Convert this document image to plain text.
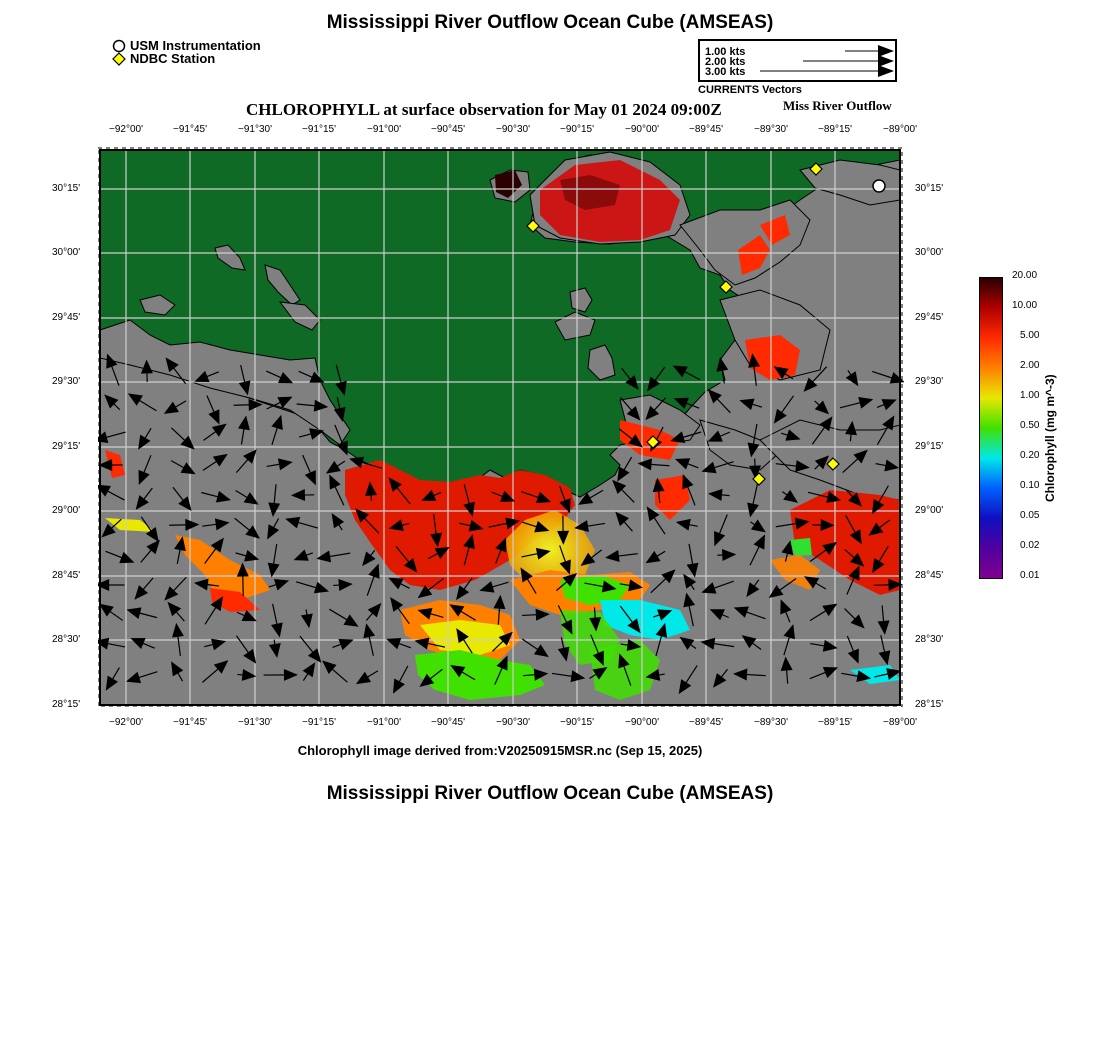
Mississippi River Outflow Ocean Cube (AMSEAS)
USM Instrumentation
NDBC Station	1.00 kts
2.00 kts
3.00 kts
CURRENTS Vectors
CHLOROPHYLL at surface observation for May 01 2024 09:00Z	Miss River Outflow
−92°00'	−91°45'	−91°30'	−91°15'	−91°00'	−90°45'	−90°30'	−90°15'	−90°00'	−89°45'	−89°30'	−89°15'	−89°00'
−92°00'	−91°45'	−91°30'	−91°15'	−91°00'	−90°45'	−90°30'	−90°15'	−90°00'	−89°45'	−89°30'	−89°15'	−89°00'
30°15'
30°00'
29°45'
29°30'
29°15'
29°00'
28°45'
28°30'
28°15'
30°15'
30°00'
29°45'
29°30'
29°15'
29°00'
28°45'
28°30'
28°15'
20.00
10.00
5.00
2.00
1.00
0.50
0.20
0.10
0.05
0.02
0.01
Chlorophyll (mg m^-3)
Chlorophyll image derived from:V20250915MSR.nc (Sep 15, 2025)
Mississippi River Outflow Ocean Cube (AMSEAS)
